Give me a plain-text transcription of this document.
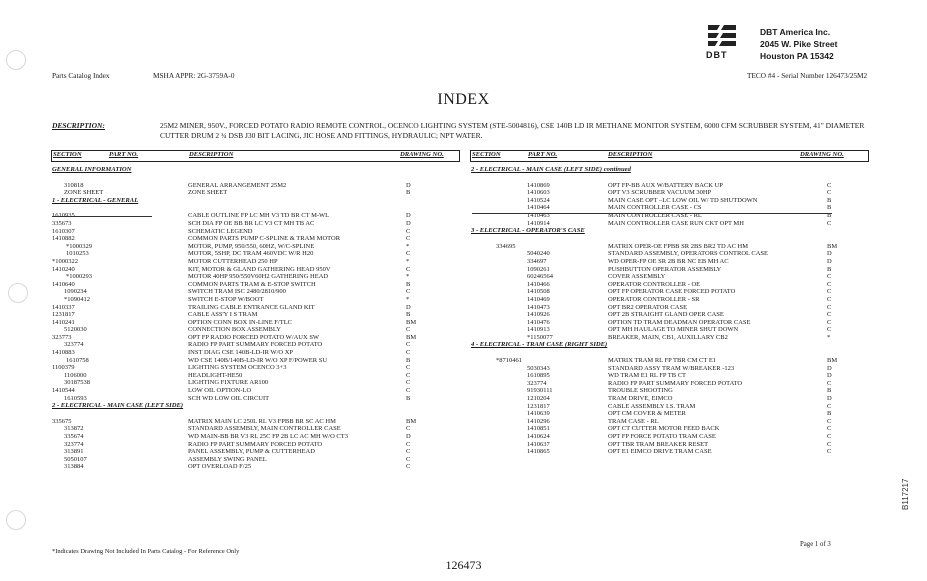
DBT
DBT America Inc.
2045 W. Pike Street
Houston PA 15342
Parts Catalog Index	MSHA APPR: 2G-3759A-0	TECO #4 - Serial Number 126473/25M2
INDEX
DESCRIPTION:	25M2 MINER, 950V., FORCED POTATO RADIO REMOTE CONTROL, OCENCO LIGHTING SYSTEM (STE-5004816), CSE 140B LD IR METHANE MONITOR SYSTEM, 6000 CFM SCRUBBER SYSTEM, 41" DIAMETER CUTTER DRUM 2 ¾ DSB J30 BIT LACING, JIC HOSE AND FITTINGS, HYDRAULIC; NPT WATER.
SECTION	PART NO.	DESCRIPTION	DRAWING NO.	SECTION	PART NO.	DESCRIPTION	DRAWING NO.
GENERAL INFORMATION
310818	GENERAL ARRANGEMENT 25M2	D
ZONE SHEET	ZONE SHEET	B
1 - ELECTRICAL - GENERAL
1610935	CABLE OUTLINE FP LC MH V3 TD BR CT M-WL	D
335673	SCH DIA FP OE BB BR LC V3 CT MH TB AC	D
1610307	SCHEMATIC LEGEND	C
1410882	COMMON PARTS PUMP C-SPLINE & TRAM MOTOR	C
*1000329	MOTOR, PUMP, 950/550, 60HZ, W/C-SPLINE	*
1010253	MOTOR, 5SHP, DC TRAM 460VDC W/R H20	C
*1000322	MOTOR CUTTERHEAD 250 HP	*
1410240	KIT, MOTOR & GLAND GATHERING HEAD 950V	C
*1000293	MOTOR 40HP 950/550V60H2 GATHERING HEAD	*
1410640	COMMON PARTS TRAM & E-STOP SWITCH	B
1090234	SWITCH TRAM ISC 2480/2810/900	C
*1090412	SWITCH E-STOP W/BOOT	*
1410337	TRAILING CABLE ENTRANCE GLAND KIT	D
1231817	CABLE ASS'Y I S TRAM	B
1410241	OPTION CONN BOX IN-LINE F/TLC	BM
5120030	CONNECTION BOX ASSEMBLY	C
323773	OPT FP RADIO FORCED POTATO W/AUX SW	BM
323774	RADIO FP PART SUMMARY FORCED POTATO	C
1410883	INST DIAG CSE 140B-LD-IR W/O XP	C
1610758	WD CSE 140B/140B-LD-IR W/O XP F/POWER SU	B
1100379	LIGHTING SYSTEM OCENCO 3+3	C
1106000	HEADLIGHT-HE50	C
30187538	LIGHTING FIXTURE AR100	C
1410544	LOW OIL OPTION-LO	C
1610593	SCH WD LOW OIL CIRCUIT	B
2 - ELECTRICAL - MAIN CASE (LEFT SIDE)
335675	MATRIX MAIN LC 250L RL V3 FPBB BR SC AC HM	BM
313872	STANDARD ASSEMBLY, MAIN CONTROLLER CASE	C
335674	WD MAIN-BB BR V3 RL 25C FP 2B LC AC MH W/O CT3	D
323774	RADIO FP PART SUMMARY FORCED POTATO	C
313891	PANEL ASSEMBLY, PUMP & CUTTERHEAD	C
5050107	ASSEMBLY SWING PANEL	C
313884	OPT OVERLOAD F/25	C
2 - ELECTRICAL - MAIN CASE (LEFT SIDE) continued
1410869	OPT FP-BB AUX W/BATTERY BACK UP	C
1410603	OPT V3 SCRUBBER VACUUM 30HP	C
1410524	MAIN CASE OPT –LC LOW OIL W/ TD SHUTDOWN	B
1410464	MAIN CONTROLLER CASE - CS	B
1410463	MAIN CONTROLLER CASE - RL	B
1410914	MAIN CONTROLLER CASE RUN CKT OPT MH	C
3 - ELECTRICAL - OPERATOR'S CASE
334695	MATRIX OPER-OE FPBB SR 2BS BR2 TD AC HM	BM
5040240	STANDARD ASSEMBLY, OPERATORS CONTROL CASE	D
334697	WD OPER-FP OE SR 2B BR NC EB MH AC	D
1090261	PUSHBUTTON OPERATOR ASSEMBLY	B
60246564	COVER ASSEMBLY	C
1410466	OPERATOR CONTROLLER - OE	C
1410508	OPT FP OPERATOR CASE FORCED POTATO	C
1410469	OPERATOR CONTROLLER - SR	C
1410473	OPT BR2 OPERATOR CASE	C
1410926	OPT 2B STRAIGHT GLAND OPER CASE	C
1410476	OPTION TD TRAM DEADMAN OPERATOR CASE	C
1410913	OPT MH HAULAGE TO MINER SHUT DOWN	C
*1150077	BREAKER, MAIN, CB1, AUXILLARY CB2	*
4 - ELECTRICAL - TRAM CASE (RIGHT SIDE)
*8710461	MATRIX TRAM RL FP TBR CM CT E1	BM
5030343	STANDARD ASSY TRAM W/BREAKER -123	D
1610895	WD TRAM E1 RL FP TB CT	D
323774	RADIO FP PART SUMMARY FORCED POTATO	C
91930111	TROUBLE SHOOTING	B
1210204	TRAM DRIVE, EIMCO	D
1231817	CABLE ASSEMBLY I.S. TRAM	C
1410639	OPT CM COVER & METER	B
1410296	TRAM CASE - RL	C
1410851	OPT CT CUTTER MOTOR FEED BACK	C
1410624	OPT FP FORCE POTATO TRAM CASE	C
1410637	OPT TBR TRAM BREAKER RESET	C
1410865	OPT E1 EIMCO DRIVE TRAM CASE	C
*Indicates Drawing Not Included In Parts Catalog - For Reference Only
Page 1 of 3
126473
B117217
